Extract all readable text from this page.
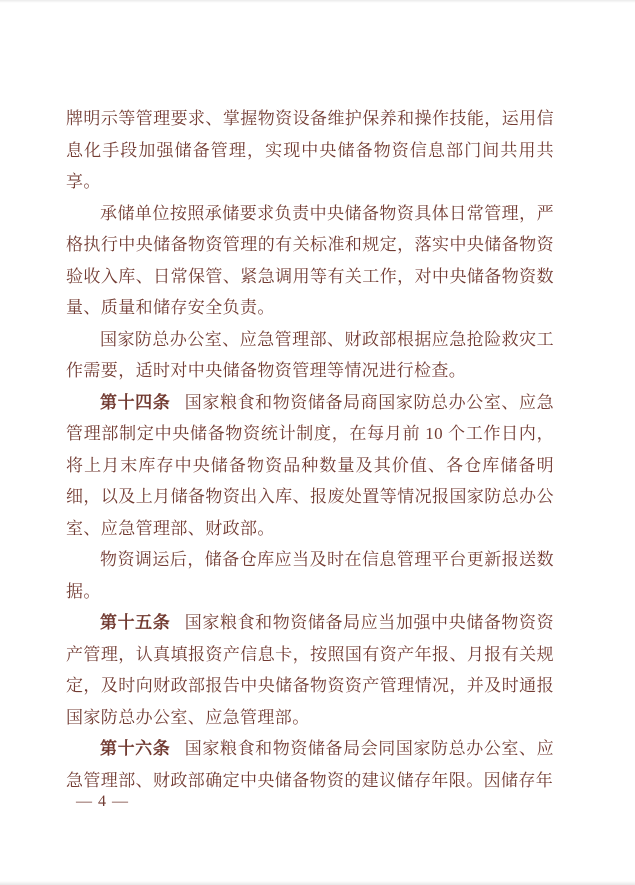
牌明示等管理要求、掌握物资设备维护保养和操作技能，运用信息化手段加强储备管理，实现中央储备物资信息部门间共用共享。

承储单位按照承储要求负责中央储备物资具体日常管理，严格执行中央储备物资管理的有关标准和规定，落实中央储备物资验收入库、日常保管、紧急调用等有关工作，对中央储备物资数量、质量和储存安全负责。

国家防总办公室、应急管理部、财政部根据应急抢险救灾工作需要，适时对中央储备物资管理等情况进行检查。

第十四条 国家粮食和物资储备局商国家防总办公室、应急管理部制定中央储备物资统计制度，在每月前 10 个工作日内，将上月末库存中央储备物资品种数量及其价值、各仓库储备明细，以及上月储备物资出入库、报废处置等情况报国家防总办公室、应急管理部、财政部。

物资调运后，储备仓库应当及时在信息管理平台更新报送数据。

第十五条 国家粮食和物资储备局应当加强中央储备物资资产管理，认真填报资产信息卡，按照国有资产年报、月报有关规定，及时向财政部报告中央储备物资资产管理情况，并及时通报国家防总办公室、应急管理部。

第十六条 国家粮食和物资储备局会同国家防总办公室、应急管理部、财政部确定中央储备物资的建议储存年限。因储存年

— 4 —
